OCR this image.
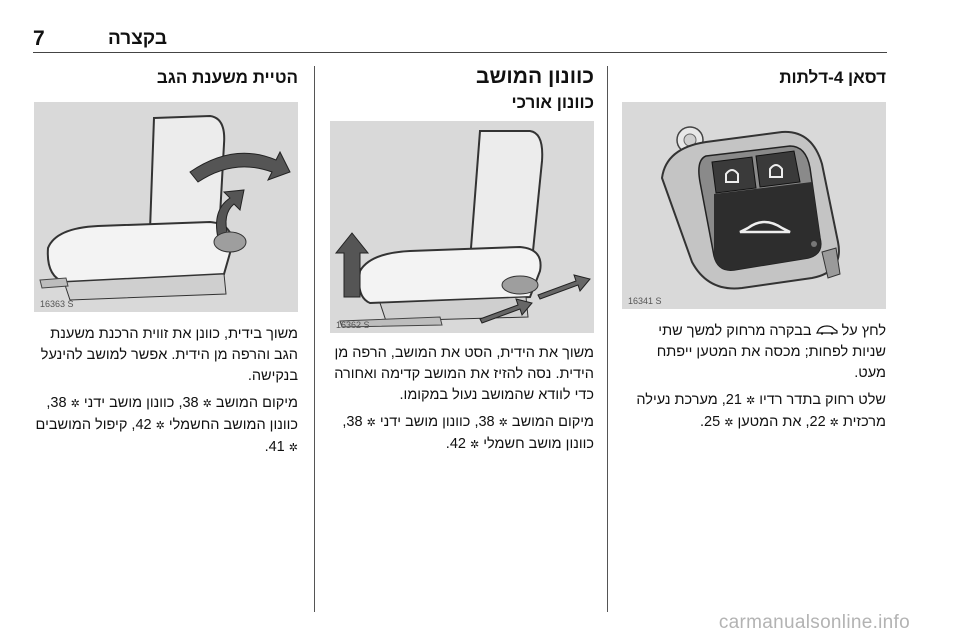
בקצרה
7
דסאן 4-דלתות
16341 S

לחץ על  בבקרה מרחוק למשך שתי שניות לפחות; מכסה את המטען ייפתח מעט.

שלט רחוק בתדר רדיו ✲ 21, מערכת נעילה מרכזית ✲ 22, את המטען ✲ 25.

כוונון המושב
כוונון אורכי
16362 S

משוך את הידית, הסט את המושב, הרפה מן הידית. נסה להזיז את המושב קדימה ואחורה כדי לוודא שהמושב נעול במקומו.

מיקום המושב ✲ 38, כוונון מושב ידני ✲ 38, כוונון מושב חשמלי ✲ 42.

הטיית משענת הגב
16363 S

משוך בידית, כוונן את זווית הרכנת משענת הגב והרפה מן הידית. אפשר למושב להינעל בנקישה.

מיקום המושב ✲ 38, כוונון מושב ידני ✲ 38, כוונון המושב החשמלי ✲ 42, קיפול המושבים ✲ 41.

carmanualsonline.info
